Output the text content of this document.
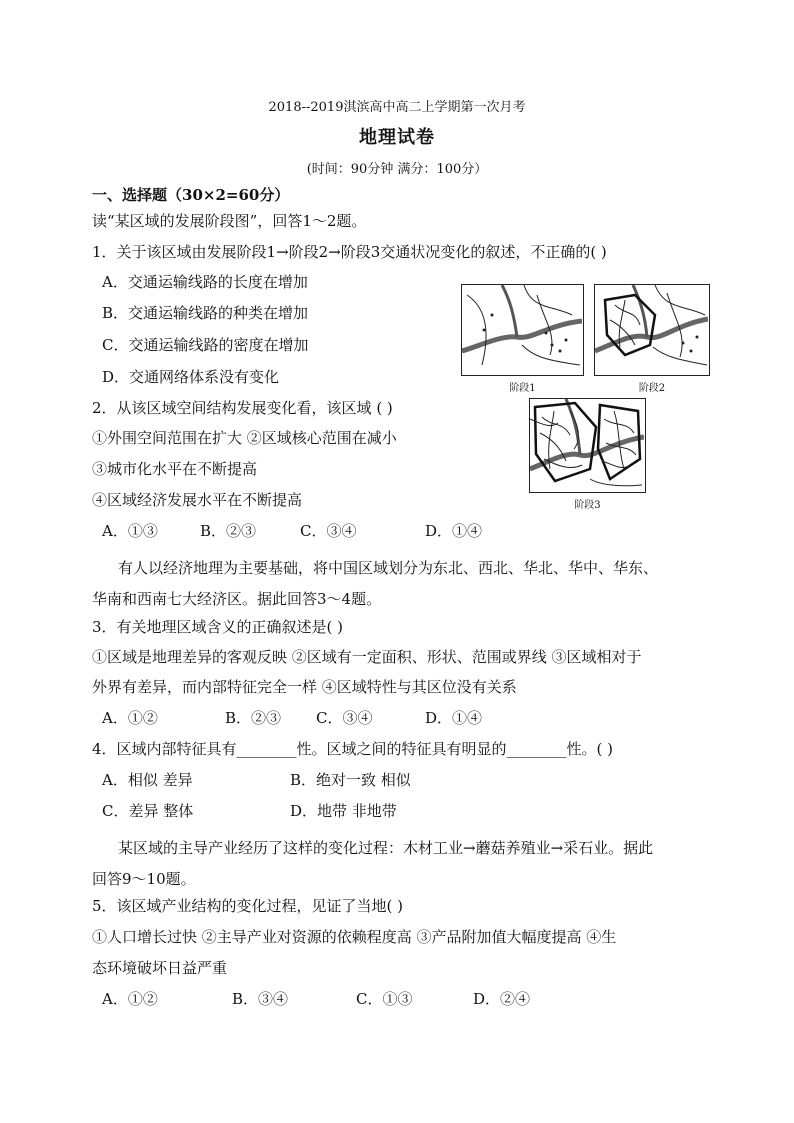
2018--2019淇滨高中高二上学期第一次月考
地理试卷
(时间：90分钟 满分：100分）
一、选择题（30×2=60分）
读“某区域的发展阶段图”，回答1～2题。
1．关于该区域由发展阶段1→阶段2→阶段3交通状况变化的叙述，不正确的( )
A．交通运输线路的长度在增加
B．交通运输线路的种类在增加
C．交通运输线路的密度在增加
D．交通网络体系没有变化
2．从该区域空间结构发展变化看，该区域 ( )
①外围空间范围在扩大 ②区域核心范围在减小
③城市化水平在不断提高
④区域经济发展水平在不断提高
A．①③	B．②③	C．③④	D．①④
阶段1	阶段2
阶段3
有人以经济地理为主要基础，将中国区域划分为东北、西北、华北、华中、华东、
华南和西南七大经济区。据此回答3～4题。
3．有关地理区域含义的正确叙述是( )
①区域是地理差异的客观反映 ②区域有一定面积、形状、范围或界线 ③区域相对于
外界有差异，而内部特征完全一样 ④区域特性与其区位没有关系
A．①②	B．②③ C．③④	D．①④
4．区域内部特征具有________性。区域之间的特征具有明显的________性。( )
A．相似 差异	B．绝对一致 相似
C．差异 整体	D．地带 非地带
某区域的主导产业经历了这样的变化过程：木材工业→蘑菇养殖业→采石业。据此
回答9～10题。
5．该区域产业结构的变化过程，见证了当地( )
①人口增长过快 ②主导产业对资源的依赖程度高 ③产品附加值大幅度提高 ④生
态环境破坏日益严重
A．①②	B．③④	C．①③	D．②④
